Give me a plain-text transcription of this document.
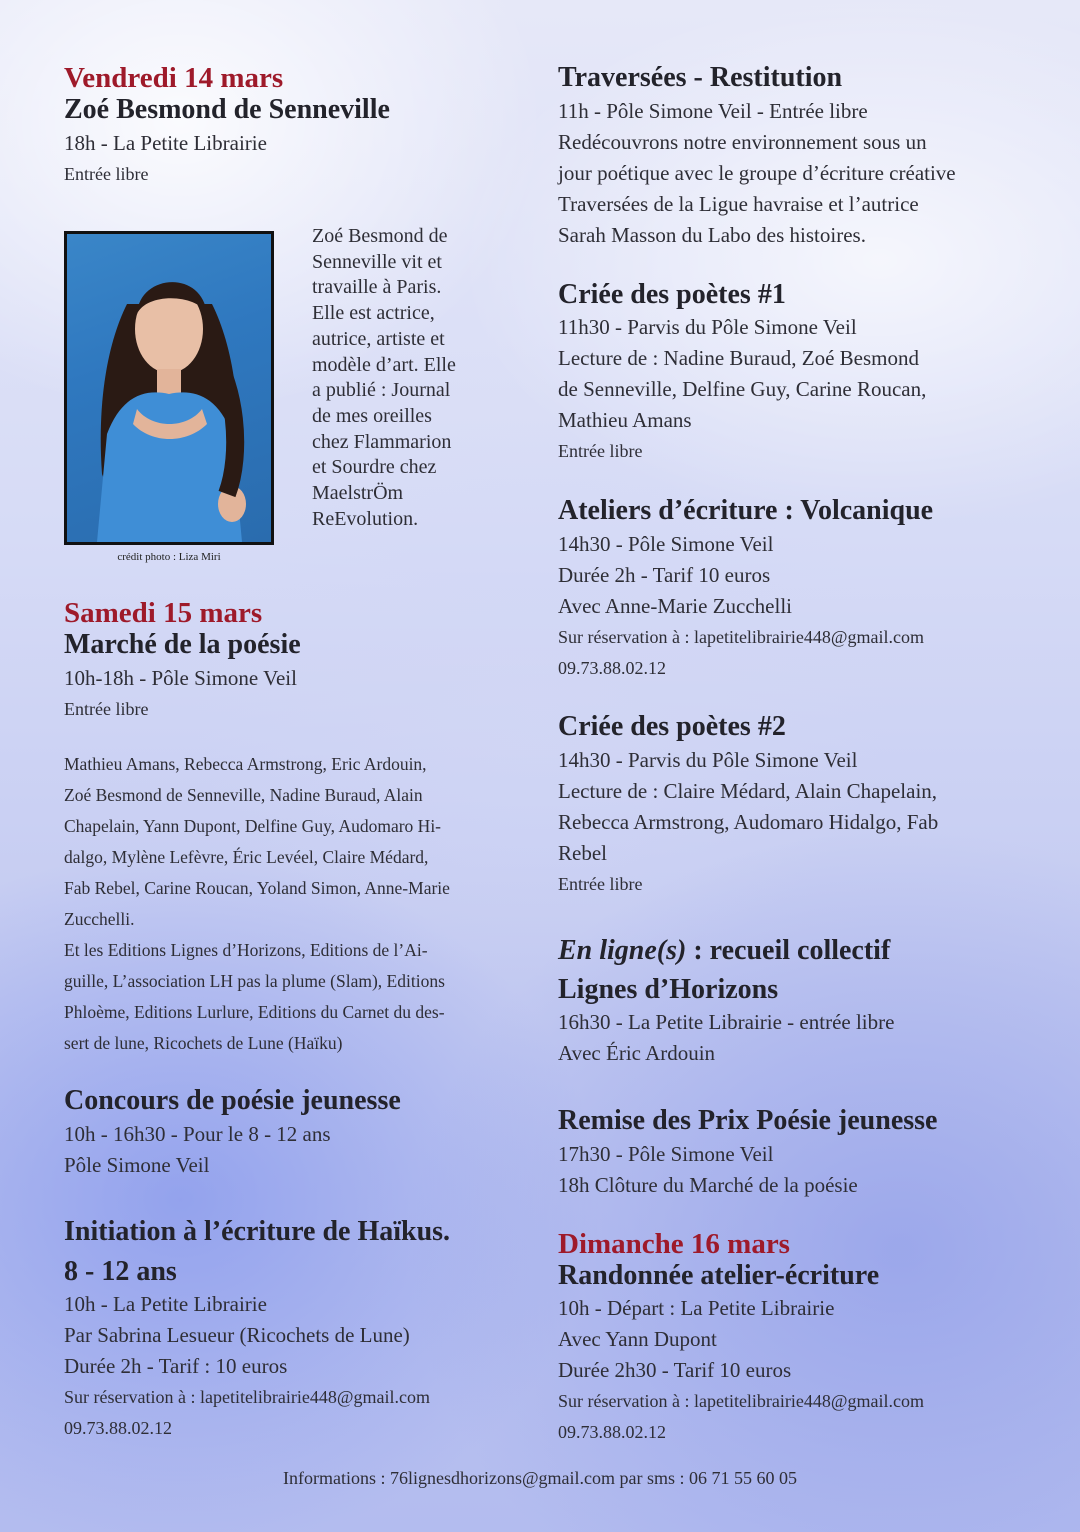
Vendredi 14 mars
Zoé Besmond de Senneville
18h - La Petite Librairie
Entrée libre
crédit photo : Liza Miri
Zoé Besmond de
Senneville vit et
travaille à Paris.
Elle est actrice,
autrice, artiste et
modèle d’art. Elle
a publié : Journal
de mes oreilles
chez Flammarion
et Sourdre chez
MaelstrÖm
ReEvolution.
Samedi 15 mars
Marché de la poésie
10h-18h - Pôle Simone Veil
Entrée libre
Mathieu Amans, Rebecca Armstrong, Eric Ardouin,
Zoé Besmond de Senneville, Nadine Buraud, Alain
Chapelain, Yann Dupont, Delfine Guy, Audomaro Hi-
dalgo, Mylène Lefèvre, Éric Levéel, Claire Médard,
Fab Rebel, Carine Roucan, Yoland Simon, Anne-Marie
Zucchelli.
Et les Editions Lignes d’Horizons, Editions de l’Ai-
guille, L’association LH pas la plume (Slam), Editions
Phloème, Editions Lurlure, Editions du Carnet du des-
sert de lune, Ricochets de Lune (Haïku)
Concours de poésie jeunesse
10h - 16h30 - Pour le 8 - 12 ans
Pôle Simone Veil
Initiation à l’écriture de Haïkus.
8 - 12 ans
10h - La Petite Librairie
Par Sabrina Lesueur (Ricochets de Lune)
Durée 2h - Tarif : 10 euros
Sur réservation à : lapetitelibrairie448@gmail.com
09.73.88.02.12
Traversées - Restitution
11h - Pôle Simone Veil - Entrée libre
Redécouvrons notre environnement sous un
jour poétique avec le groupe d’écriture créative
Traversées de la Ligue havraise et l’autrice
Sarah Masson du Labo des histoires.
Criée des poètes #1
11h30 - Parvis du Pôle Simone Veil
Lecture de : Nadine Buraud, Zoé Besmond
de Senneville, Delfine Guy, Carine Roucan,
Mathieu Amans
Entrée libre
Ateliers d’écriture : Volcanique
14h30 - Pôle Simone Veil
Durée 2h - Tarif 10 euros
Avec Anne-Marie Zucchelli
Sur réservation à : lapetitelibrairie448@gmail.com
09.73.88.02.12
Criée des poètes #2
14h30 - Parvis du Pôle Simone Veil
Lecture de : Claire Médard, Alain Chapelain,
Rebecca Armstrong, Audomaro Hidalgo, Fab
Rebel
Entrée libre
En ligne(s) : recueil collectif
Lignes d’Horizons
16h30 - La Petite Librairie - entrée libre
Avec Éric Ardouin
Remise des Prix Poésie jeunesse
17h30 - Pôle Simone Veil
18h Clôture du Marché de la poésie
Dimanche 16 mars
Randonnée atelier-écriture
10h - Départ : La Petite Librairie
Avec Yann Dupont
Durée 2h30 - Tarif 10 euros
Sur réservation à : lapetitelibrairie448@gmail.com
09.73.88.02.12
Informations : 76lignesdhorizons@gmail.com par sms : 06 71 55 60 05
